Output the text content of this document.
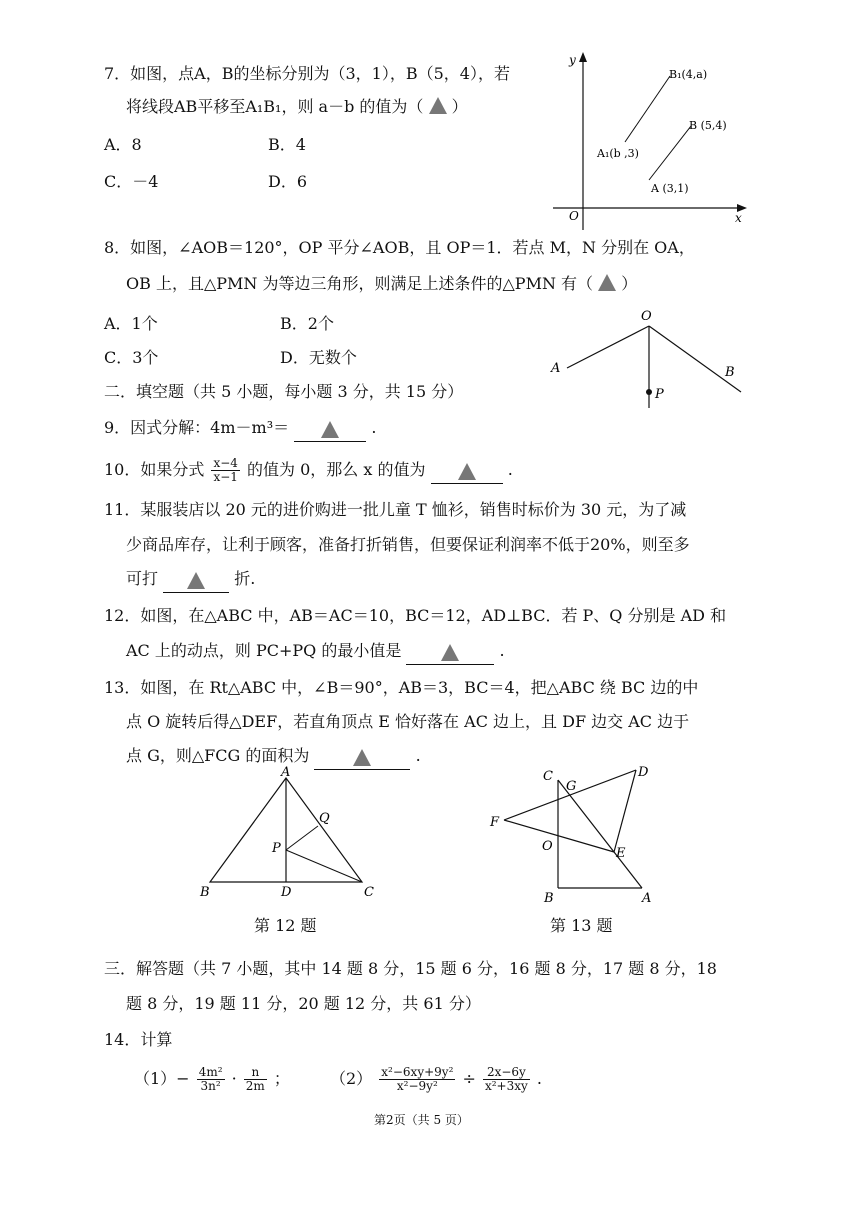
7．如图，点A，B的坐标分别为（3，1），B（5，4），若
将线段AB平移至A₁B₁，则 a－b 的值为（ ）
A．8	B．4
C．－4	D．6
y
x
O
B₁(4,a)
B (5,4)
A₁(b ,3)
A (3,1)
8．如图，∠AOB＝120°，OP 平分∠AOB，且 OP＝1．若点 M，N 分别在 OA，
OB 上，且△PMN 为等边三角形，则满足上述条件的△PMN 有（ ）
A．1个	B．2个
C．3个	D．无数个
O
A	B
P
二．填空题（共 5 小题，每小题 3 分，共 15 分）
9．因式分解：4m－m³＝	.
10．如果分式 $\frac{x-4}{x-1}$ 的值为 0，那么 x 的值为	.
11．某服装店以 20 元的进价购进一批儿童 T 恤衫，销售时标价为 30 元，为了减
少商品库存，让利于顾客，准备打折销售，但要保证利润率不低于20%，则至多
可打	折.
12．如图，在△ABC 中，AB＝AC＝10，BC＝12，AD⊥BC．若 P、Q 分别是 AD 和
AC 上的动点，则 PC+PQ 的最小值是	.
13．如图，在 Rt△ABC 中，∠B＝90°，AB＝3，BC＝4，把△ABC 绕 BC 边的中
点 O 旋转后得△DEF，若直角顶点 E 恰好落在 AC 边上，且 DF 边交 AC 边于
点 G，则△FCG 的面积为	.
A
B	C
D
P
Q
第 12 题
C
G
D
F
O	E
B	A
第 13 题
三．解答题（共 7 小题，其中 14 题 8 分，15 题 6 分，16 题 8 分，17 题 8 分，18
题 8 分，19 题 11 分，20 题 12 分，共 61 分）
14．计算
$(1)- \frac{\text{4m²}}{\text{3n²}} \cdot \frac{n}{2m}$ ；	$(2) \frac{\text{x²−6xy+9y²}}{\text{x²−9y²}} \div \frac{2x-6y}{\text{x²+3xy}}$ .
第2页（共 5 页）
